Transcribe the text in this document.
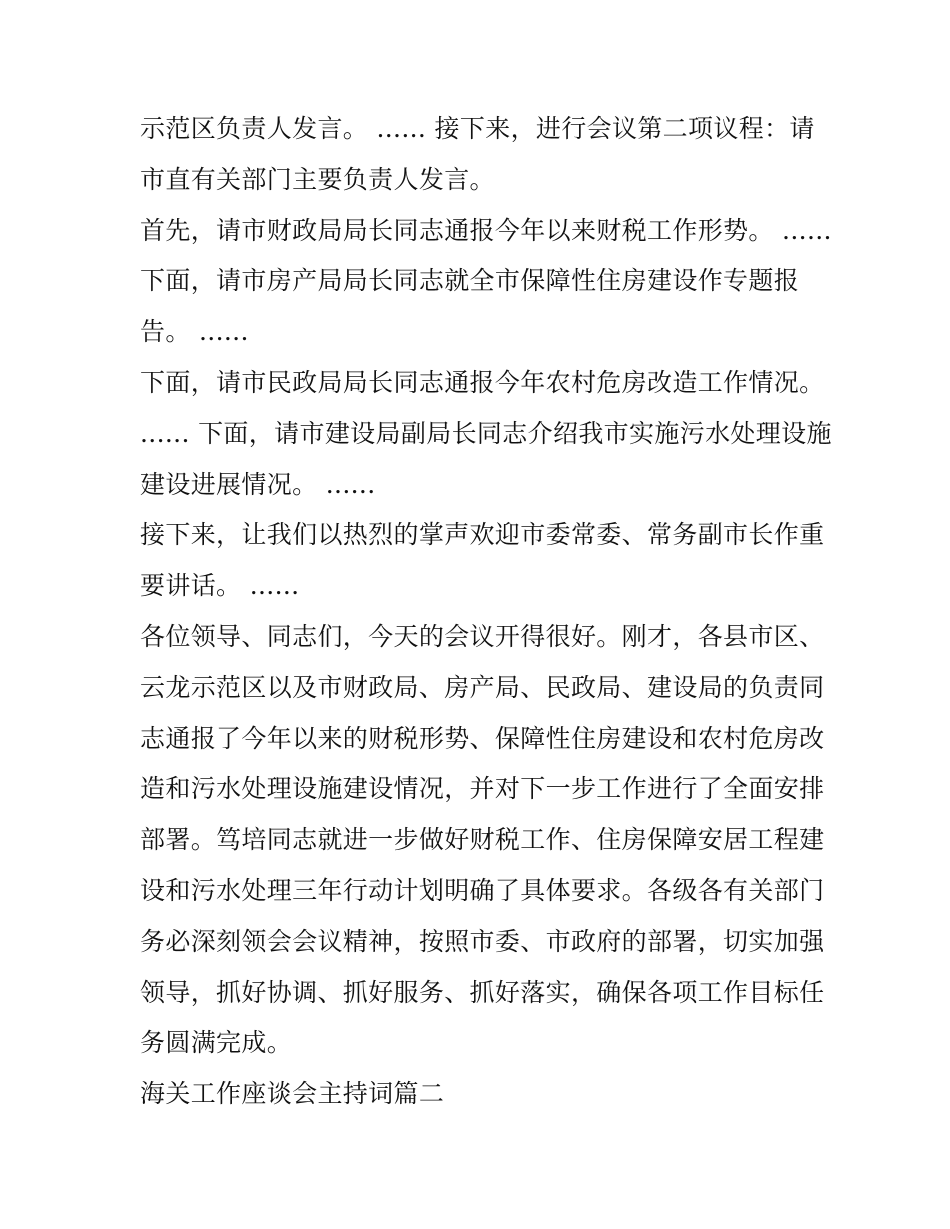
示范区负责人发言。 ...... 接下来，进行会议第二项议程：请
市直有关部门主要负责人发言。
首先，请市财政局局长同志通报今年以来财税工作形势。 ......
下面，请市房产局局长同志就全市保障性住房建设作专题报
告。 ......
下面，请市民政局局长同志通报今年农村危房改造工作情况。
...... 下面，请市建设局副局长同志介绍我市实施污水处理设施
建设进展情况。 ......
接下来，让我们以热烈的掌声欢迎市委常委、常务副市长作重
要讲话。 ......
各位领导、同志们，今天的会议开得很好。刚才，各县市区、
云龙示范区以及市财政局、房产局、民政局、建设局的负责同
志通报了今年以来的财税形势、保障性住房建设和农村危房改
造和污水处理设施建设情况，并对下一步工作进行了全面安排
部署。笃培同志就进一步做好财税工作、住房保障安居工程建
设和污水处理三年行动计划明确了具体要求。各级各有关部门
务必深刻领会会议精神，按照市委、市政府的部署，切实加强
领导，抓好协调、抓好服务、抓好落实，确保各项工作目标任
务圆满完成。
海关工作座谈会主持词篇二
